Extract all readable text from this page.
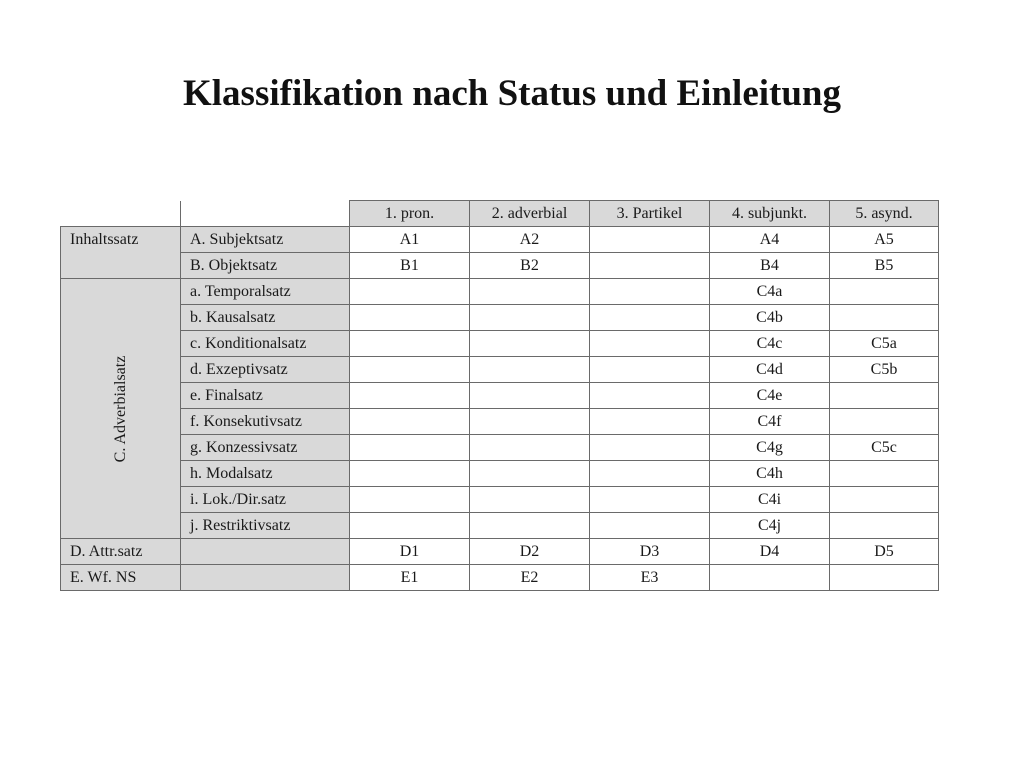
Klassifikation nach Status und Einleitung
		1. pron.	2. adverbial	3. Partikel	4. subjunkt.	5. asynd.
Inhaltssatz	A. Subjektsatz	A1	A2		A4	A5
	B. Objektsatz	B1	B2		B4	B5

C. Adverbialsatz	a. Temporalsatz				C4a	
	b. Kausalsatz				C4b	
	c. Konditionalsatz				C4c	C5a
	d. Exzeptivsatz				C4d	C5b
	e. Finalsatz				C4e	
	f. Konsekutivsatz				C4f	
	g. Konzessivsatz				C4g	C5c
	h. Modalsatz				C4h	
	i. Lok./Dir.satz				C4i	
	j. Restriktivsatz				C4j	
D. Attr.satz		D1	D2	D3	D4	D5
E. Wf. NS		E1	E2	E3		
